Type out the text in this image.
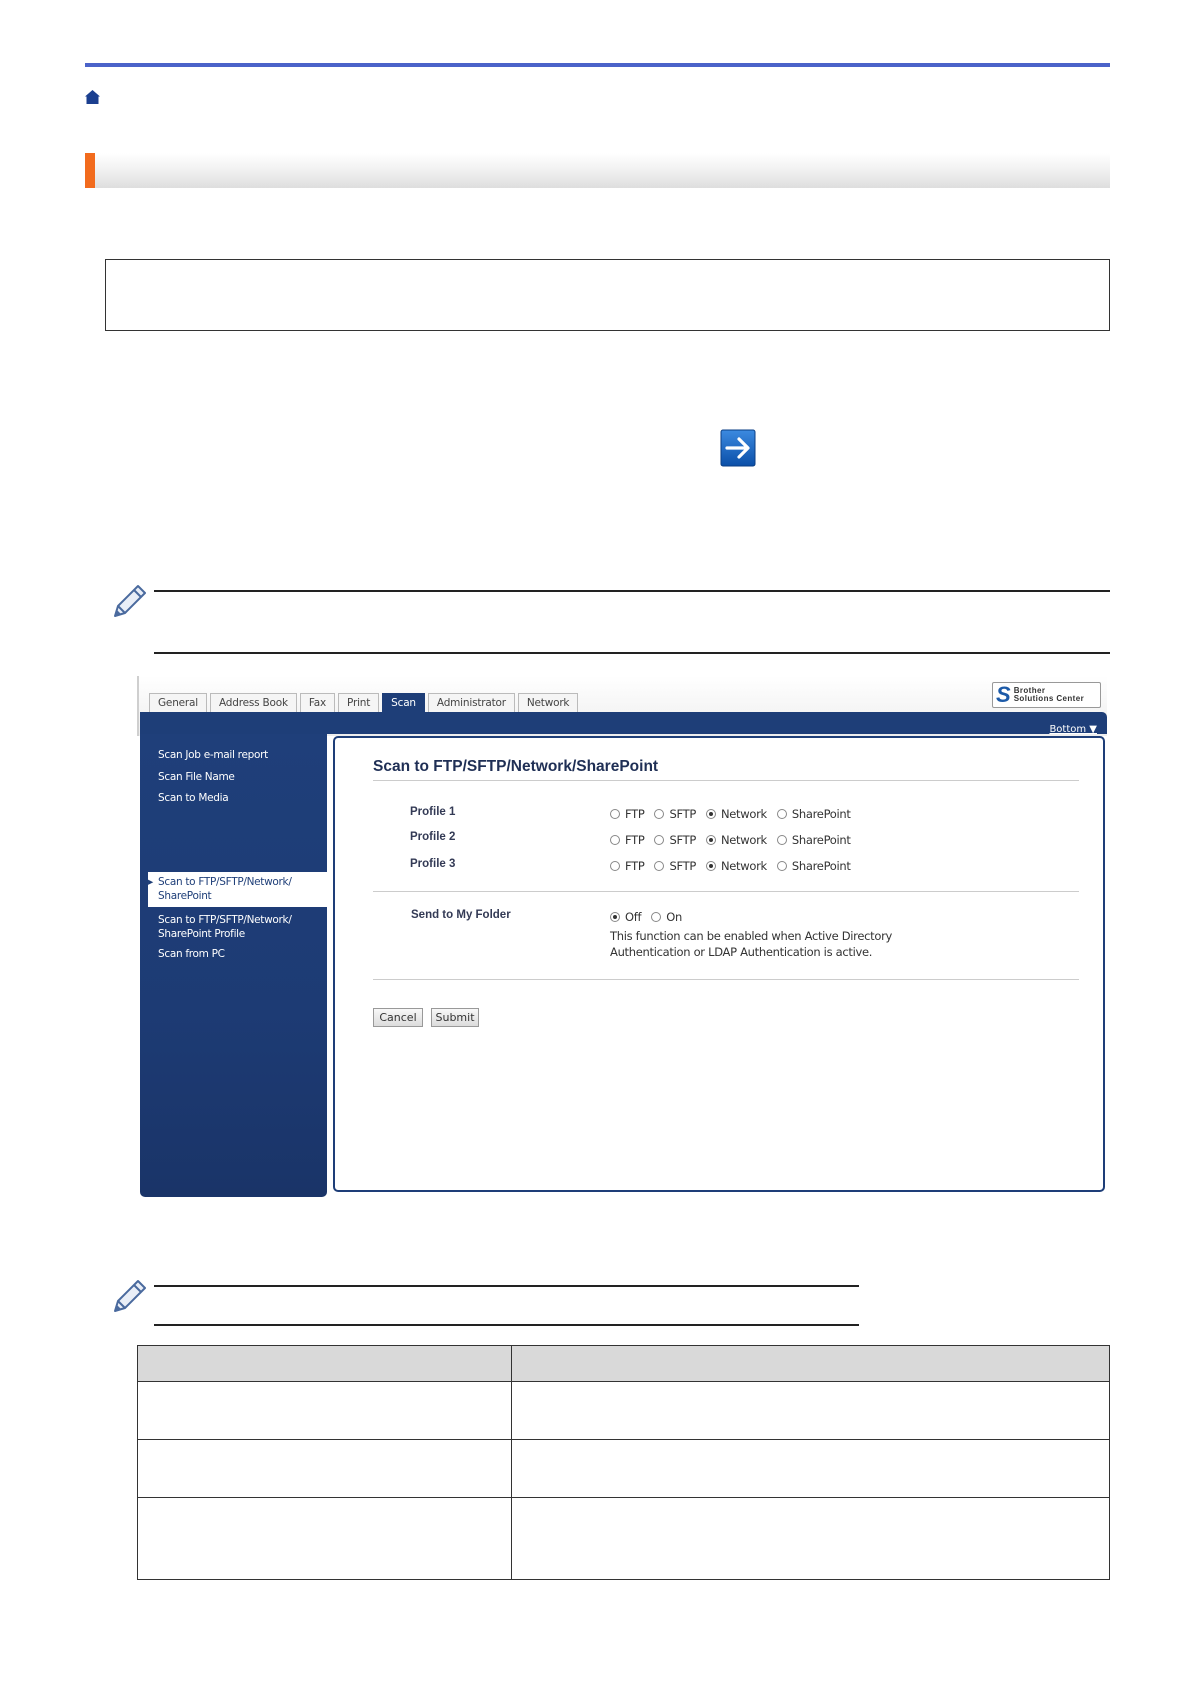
General	Address Book	Fax	Print	Scan	Administrator	Network	S Brother
Solutions Center
Bottom ▼
Scan Job e-mail report
Scan File Name
Scan to Media
▸ Scan to FTP/SFTP/Network/ SharePoint
Scan to FTP/SFTP/Network/ SharePoint Profile
Scan from PC
Scan to FTP/SFTP/Network/SharePoint
Profile 1	FTP SFTP Network SharePoint
Profile 2	FTP SFTP Network SharePoint
Profile 3	FTP SFTP Network SharePoint
Send to My Folder	Off On
This function can be enabled when Active Directory
Authentication or LDAP Authentication is active.
Cancel	Submit
